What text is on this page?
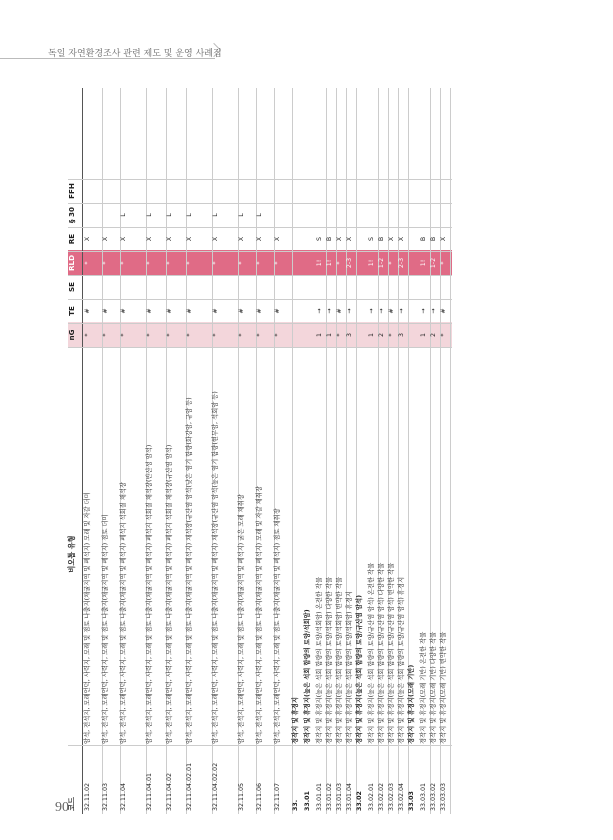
독일 자연환경조사 관련 제도 및 운영 사례집
코드
비오톱 유형
nG
TE
SE
RLD
RE
§ 30
FFH
32.11.02
암석, 전석지, 모래언덕, 사력지, 모래 및 점토 나출지(채굴지역 및 폐석지) 모래 및 자갈 더미
*
#
*
X
32.11.03
암석, 전석지, 모래언덕, 사력지, 모래 및 점토 나출지(채굴지역 및 폐석지) 점토 더미
*
#
*
X
32.11.04
암석, 전석지, 모래언덕, 사력지, 모래 및 점토 나출지(채굴지역 및 폐석지) 폐석지 석회질 채석장
*
#
*
X
L
32.11.04.01
암석, 전석지, 모래언덕, 사력지, 모래 및 점토 나출지(채굴지역 및 폐석지) 폐석지 석회질 채석장(반산성 암석)
*
#
*
X
L
32.11.04.02
암석, 전석지, 모래언덕, 사력지, 모래 및 점토 나출지(채굴지역 및 폐석지) 폐석지 석회질 채석장(규산염 암석)
*
#
*
X
L
32.11.04.02.01
암석, 전석지, 모래언덕, 사력지, 모래 및 점토 나출지(채굴지역 및 폐석지) 채석장(규산염 암석(낮은 염기 함량(화강암, 규암 등)
*
#
*
X
L
32.11.04.02.02
암석, 전석지, 모래언덕, 사력지, 모래 및 점토 나출지(채굴지역 및 폐석지) 채석장(규산염 암석(높은 염기 함량(현무암, 석회암 등)
*
#
*
X
L
32.11.05
암석, 전석지, 모래언덕, 사력지, 모래 및 점토 나출지(채굴지역 및 폐석지) 굵은 모래 채취장
*
#
*
X
L
32.11.06
암석, 전석지, 모래언덕, 사력지, 모래 및 점토 나출지(채굴지역 및 폐석지) 모래 및 자갈 채취장
*
#
*
X
L
32.11.07
암석, 전석지, 모래언덕, 사력지, 모래 및 점토 나출지(채굴지역 및 폐석지) 점토 채취장
*
#
*
X
33.
경작지 및 휴경지
33.01
경작지 및 휴경지(높은 석회 함량의 토양/석회암)
33.01.01
경작지 및 휴경지(높은 석회 함량의 토양/석회암) 온전한 작물
1
→
1!
S
33.01.02
경작지 및 휴경지(높은 석회 함량의 토양/석회암) 다양한 작물
1
→
1!
B
33.01.03
경작지 및 휴경지(높은 석회 함량의 토양/석회암) 빈약한 작물
*
#
*
X
33.01.04
경작지 및 휴경지(높은 석회 함량의 토양/석회암) 휴경지
3
→
2-3
X
33.02
경작지 및 휴경지(높은 석회 함량의 토양/규산염 암석)
33.02.01
경작지 및 휴경지(높은 석회 함량의 토양/규산염 암석) 온전한 작물
1
→
1!
S
33.02.02
경작지 및 휴경지(높은 석회 함량의 토양/규산염 암석) 다양한 작물
2
→
1-2
B
33.02.03
경작지 및 휴경지(높은 석회 함량의 토양/규산염 암석) 빈약한 작물
*
#
*
X
33.02.04
경작지 및 휴경지(높은 석회 함량의 토양/규산염 암석) 휴경지
3
→
2-3
X
33.03
경작지 및 휴경지(모래 기반)
33.03.01
경작지 및 휴경지(모래 기반) 온전한 작물
1
→
1!
B
33.03.02
경작지 및 휴경지(모래 기반) 다양한 작물
2
→
1-2
B
33.03.03
경작지 및 휴경지(모래 기반) 빈약한 작물
*
#
*
X
90
